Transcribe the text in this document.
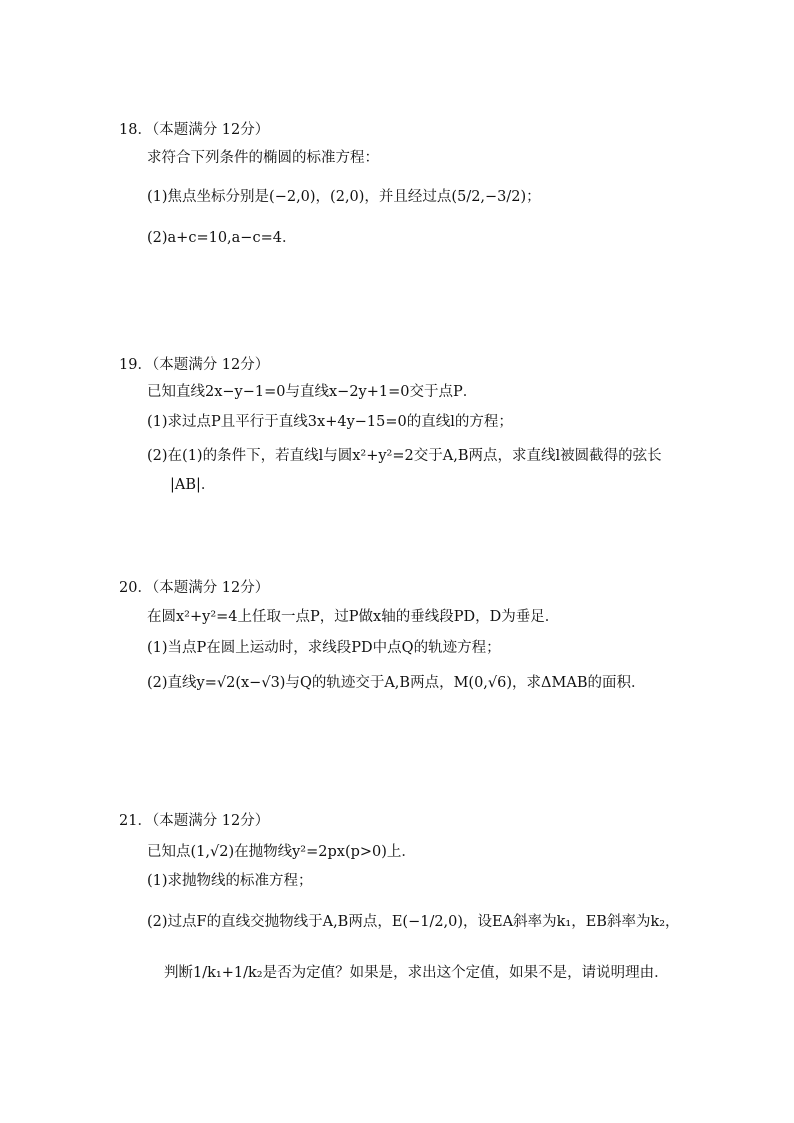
18．（本题满分 12分）
求符合下列条件的椭圆的标准方程：
(1)焦点坐标分别是(−2,0)，(2,0)，并且经过点(5/2,−3/2)；
(2)a+c=10,a−c=4．
19．（本题满分 12分）
已知直线2x−y−1=0与直线x−2y+1=0交于点P．
(1)求过点P且平行于直线3x+4y−15=0的直线l的方程；
(2)在(1)的条件下，若直线l与圆x²+y²=2交于A,B两点，求直线l被圆截得的弦长
|AB|．
20．（本题满分 12分）
在圆x²+y²=4上任取一点P，过P做x轴的垂线段PD，D为垂足．
(1)当点P在圆上运动时，求线段PD中点Q的轨迹方程；
(2)直线y=√2(x−√3)与Q的轨迹交于A,B两点，M(0,√6)，求ΔMAB的面积．
21．（本题满分 12分）
已知点(1,√2)在抛物线y²=2px(p>0)上．
(1)求抛物线的标准方程；
(2)过点F的直线交抛物线于A,B两点，E(−1/2,0)，设EA斜率为k₁，EB斜率为k₂，
判断1/k₁+1/k₂是否为定值？如果是，求出这个定值，如果不是，请说明理由．
